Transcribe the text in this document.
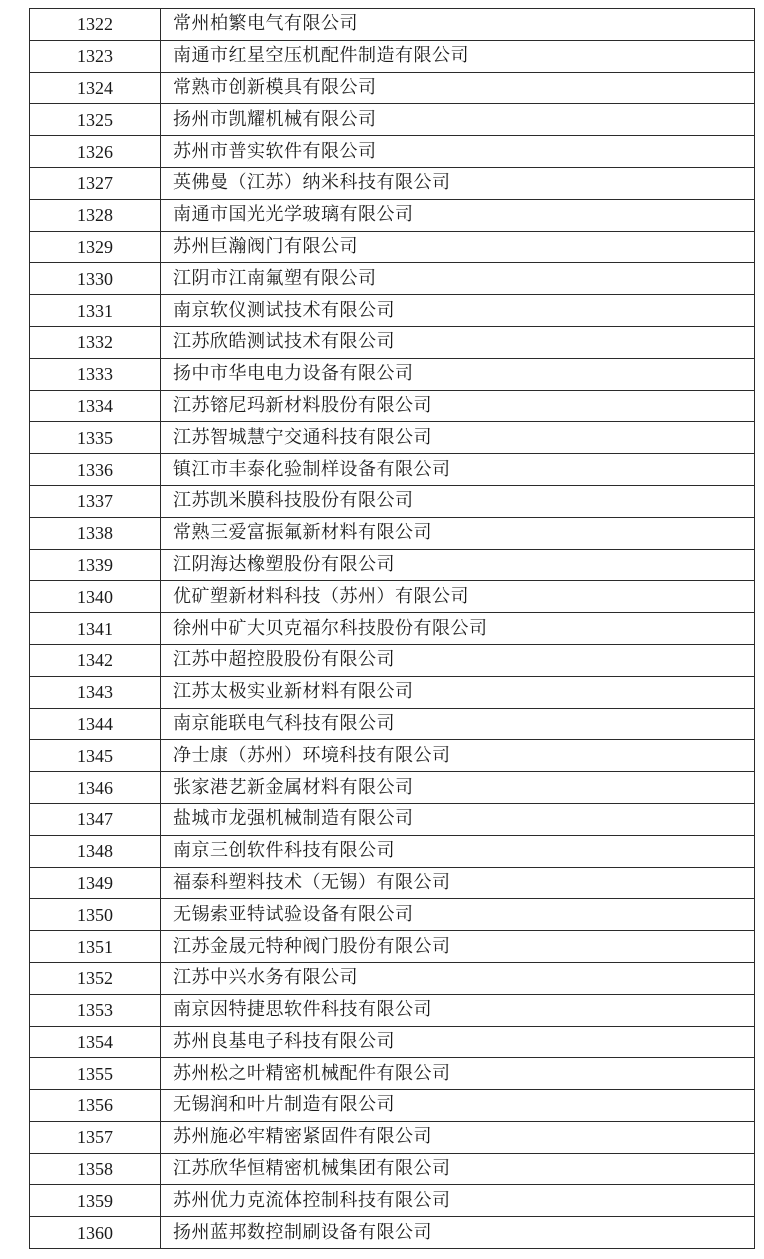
1322	常州柏繁电气有限公司
1323	南通市红星空压机配件制造有限公司
1324	常熟市创新模具有限公司
1325	扬州市凯耀机械有限公司
1326	苏州市普实软件有限公司
1327	英佛曼（江苏）纳米科技有限公司
1328	南通市国光光学玻璃有限公司
1329	苏州巨瀚阀门有限公司
1330	江阴市江南氟塑有限公司
1331	南京软仪测试技术有限公司
1332	江苏欣皓测试技术有限公司
1333	扬中市华电电力设备有限公司
1334	江苏镕尼玛新材料股份有限公司
1335	江苏智城慧宁交通科技有限公司
1336	镇江市丰泰化验制样设备有限公司
1337	江苏凯米膜科技股份有限公司
1338	常熟三爱富振氟新材料有限公司
1339	江阴海达橡塑股份有限公司
1340	优矿塑新材料科技（苏州）有限公司
1341	徐州中矿大贝克福尔科技股份有限公司
1342	江苏中超控股股份有限公司
1343	江苏太极实业新材料有限公司
1344	南京能联电气科技有限公司
1345	净士康（苏州）环境科技有限公司
1346	张家港艺新金属材料有限公司
1347	盐城市龙强机械制造有限公司
1348	南京三创软件科技有限公司
1349	福泰科塑料技术（无锡）有限公司
1350	无锡索亚特试验设备有限公司
1351	江苏金晟元特种阀门股份有限公司
1352	江苏中兴水务有限公司
1353	南京因特捷思软件科技有限公司
1354	苏州良基电子科技有限公司
1355	苏州松之叶精密机械配件有限公司
1356	无锡润和叶片制造有限公司
1357	苏州施必牢精密紧固件有限公司
1358	江苏欣华恒精密机械集团有限公司
1359	苏州优力克流体控制科技有限公司
1360	扬州蓝邦数控制刷设备有限公司
